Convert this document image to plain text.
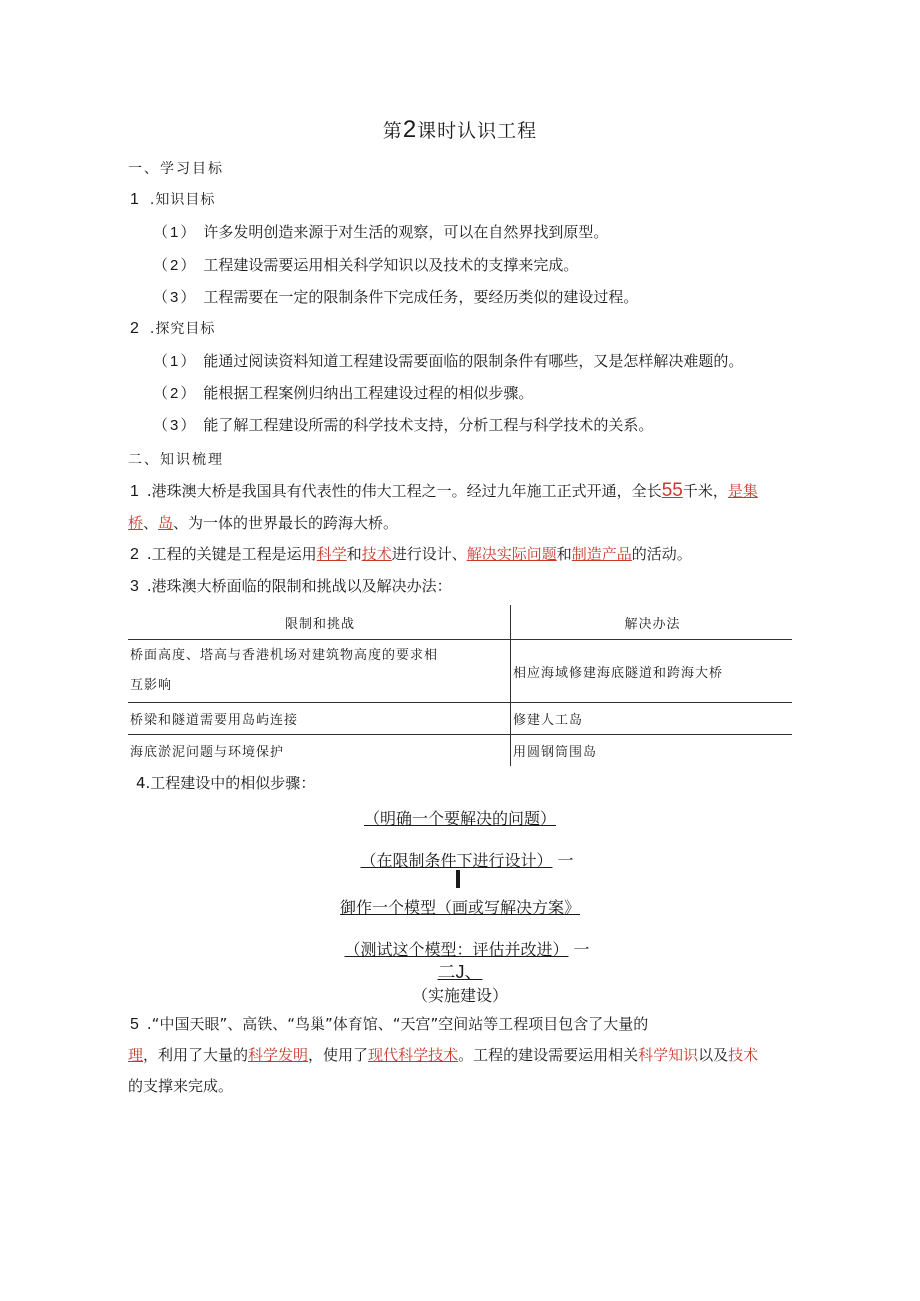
第2课时认识工程
一、学习目标
1 .知识目标
（1） 许多发明创造来源于对生活的观察，可以在自然界找到原型。
（2） 工程建设需要运用相关科学知识以及技术的支撑来完成。
（3） 工程需要在一定的限制条件下完成任务，要经历类似的建设过程。
2 .探究目标
（1） 能通过阅读资料知道工程建设需要面临的限制条件有哪些，又是怎样解决难题的。
（2） 能根据工程案例归纳出工程建设过程的相似步骤。
（3） 能了解工程建设所需的科学技术支持，分析工程与科学技术的关系。
二、知识梳理
1 .港珠澳大桥是我国具有代表性的伟大工程之一。经过九年施工正式开通，全长55千米，是集
桥、岛、为一体的世界最长的跨海大桥。
2 .工程的关键是工程是运用科学和技术进行设计、解决实际问题和制造产品的活动。
3 .港珠澳大桥面临的限制和挑战以及解决办法：
限制和挑战	解决办法

桥面高度、塔高与香港机场对建筑物高度的要求相
互影响	相应海域修建海底隧道和跨海大桥
桥梁和隧道需要用岛屿连接	修建人工岛
海底淤泥问题与环境保护	用圆钢筒围岛
4.工程建设中的相似步骤：
（明确一个要解决的问题）
（在限制条件下进行设计） 一
御作一个模型（画或写解决方案》
（测试这个模型：评估并改进） 一
二J、
（实施建设）
5 .“中国天眼”、高铁、“鸟巢”体育馆、“天宫”空间站等工程项目包含了大量的
理，利用了大量的科学发明，使用了现代科学技术。工程的建设需要运用相关科学知识以及技术
的支撑来完成。
